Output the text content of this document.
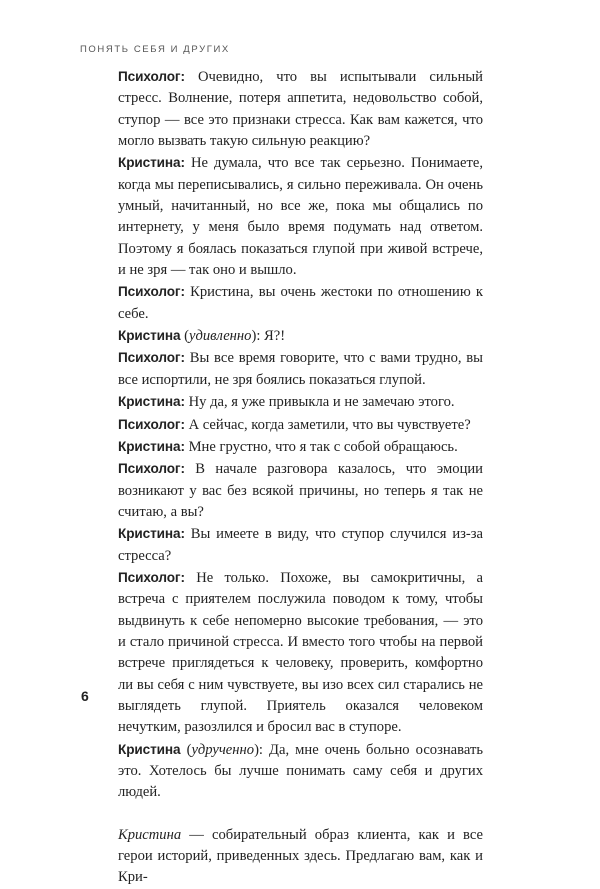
ПОНЯТЬ СЕБЯ И ДРУГИХ

Психолог: Очевидно, что вы испытывали сильный стресс. Волнение, потеря аппетита, недовольство собой, ступор — все это признаки стресса. Как вам кажется, что могло вызвать такую сильную реакцию?

Кристина: Не думала, что все так серьезно. Понимаете, когда мы переписывались, я сильно переживала. Он очень умный, начитанный, но все же, пока мы общались по интернету, у меня было время подумать над ответом. Поэтому я боялась показаться глупой при живой встрече, и не зря — так оно и вышло.

Психолог: Кристина, вы очень жестоки по отношению к себе.

Кристина (удивленно): Я?!

Психолог: Вы все время говорите, что с вами трудно, вы все испортили, не зря боялись показаться глупой.

Кристина: Ну да, я уже привыкла и не замечаю этого.

Психолог: А сейчас, когда заметили, что вы чувствуете?

Кристина: Мне грустно, что я так с собой обращаюсь.

Психолог: В начале разговора казалось, что эмоции возникают у вас без всякой причины, но теперь я так не считаю, а вы?

Кристина: Вы имеете в виду, что ступор случился из-за стресса?

Психолог: Не только. Похоже, вы самокритичны, а встреча с приятелем послужила поводом к тому, чтобы выдвинуть к себе непомерно высокие требования, — это и стало причиной стресса. И вместо того чтобы на первой встрече приглядеться к человеку, проверить, комфортно ли вы себя с ним чувствуете, вы изо всех сил старались не выглядеть глупой. Приятель оказался человеком нечутким, разозлился и бросил вас в ступоре.

Кристина (удрученно): Да, мне очень больно осознавать это. Хотелось бы лучше понимать саму себя и других людей.

Кристина — собирательный образ клиента, как и все герои историй, приведенных здесь. Предлагаю вам, как и Кри-

6
